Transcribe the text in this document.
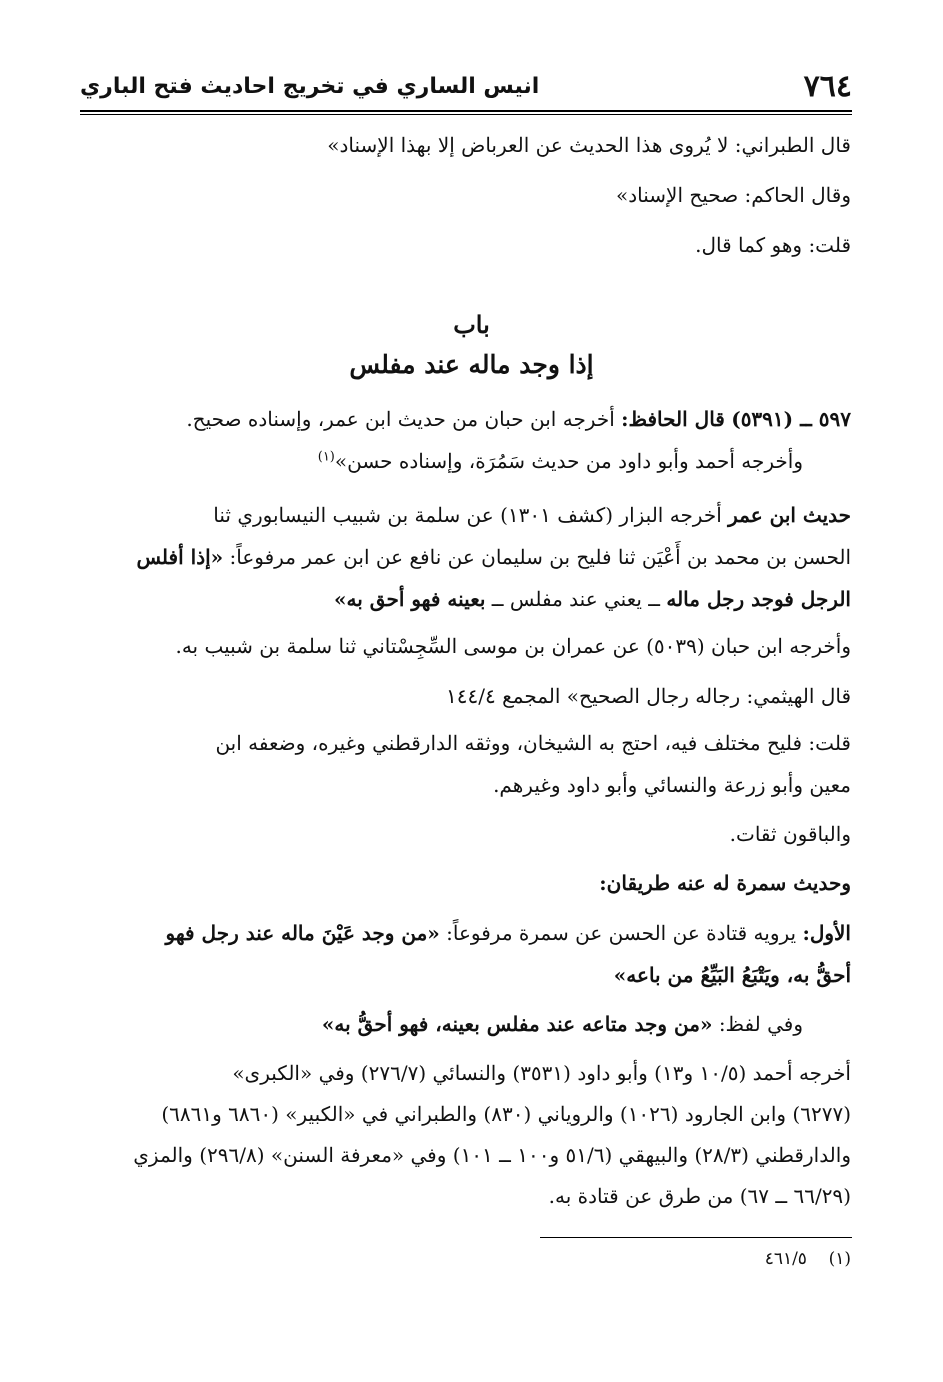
٧٦٤
انيس الساري في تخريج احاديث فتح الباري
قال الطبراني: لا يُروى هذا الحديث عن العرباض إلا بهذا الإسناد»
وقال الحاكم: صحيح الإسناد»
قلت: وهو كما قال.
باب
إذا وجد ماله عند مفلس
٥٩٧ ــ (٥٣٩١) قال الحافظ: أخرجه ابن حبان من حديث ابن عمر، وإسناده صحيح.
وأخرجه أحمد وأبو داود من حديث سَمُرَة، وإسناده حسن»$^{(١)}$
حديث ابن عمر أخرجه البزار (كشف ١٣٠١) عن سلمة بن شبيب النيسابوري ثنا
الحسن بن محمد بن أَعْيَن ثنا فليح بن سليمان عن نافع عن ابن عمر مرفوعاً: «إذا أفلس
الرجل فوجد رجل ماله ــ يعني عند مفلس ــ بعينه فهو أحق به»
وأخرجه ابن حبان (٥٠٣٩) عن عمران بن موسى السِّجِسْتاني ثنا سلمة بن شبيب به.
قال الهيثمي: رجاله رجال الصحيح» المجمع ١٤٤/٤
قلت: فليح مختلف فيه، احتج به الشيخان، ووثقه الدارقطني وغيره، وضعفه ابن
معين وأبو زرعة والنسائي وأبو داود وغيرهم.
والباقون ثقات.
وحديث سمرة له عنه طريقان:
الأول: يرويه قتادة عن الحسن عن سمرة مرفوعاً: «من وجد عَيْنَ ماله عند رجل فهو
أحقُّ به، ويَتْبَعُ البَيِّعُ من باعه»
وفي لفظ: «من وجد متاعه عند مفلس بعينه، فهو أحقُّ به»
أخرجه أحمد (١٠/٥ و١٣) وأبو داود (٣٥٣١) والنسائي (٢٧٦/٧) وفي «الكبرى»
(٦٢٧٧) وابن الجارود (١٠٢٦) والروياني (٨٣٠) والطبراني في «الكبير» (٦٨٦٠ و٦٨٦١)
والدارقطني (٢٨/٣) والبيهقي (٥١/٦ و١٠٠ ــ ١٠١) وفي «معرفة السنن» (٢٩٦/٨) والمزي
(٦٦/٢٩ ــ ٦٧) من طرق عن قتادة به.
(١)    ٤٦١/٥
